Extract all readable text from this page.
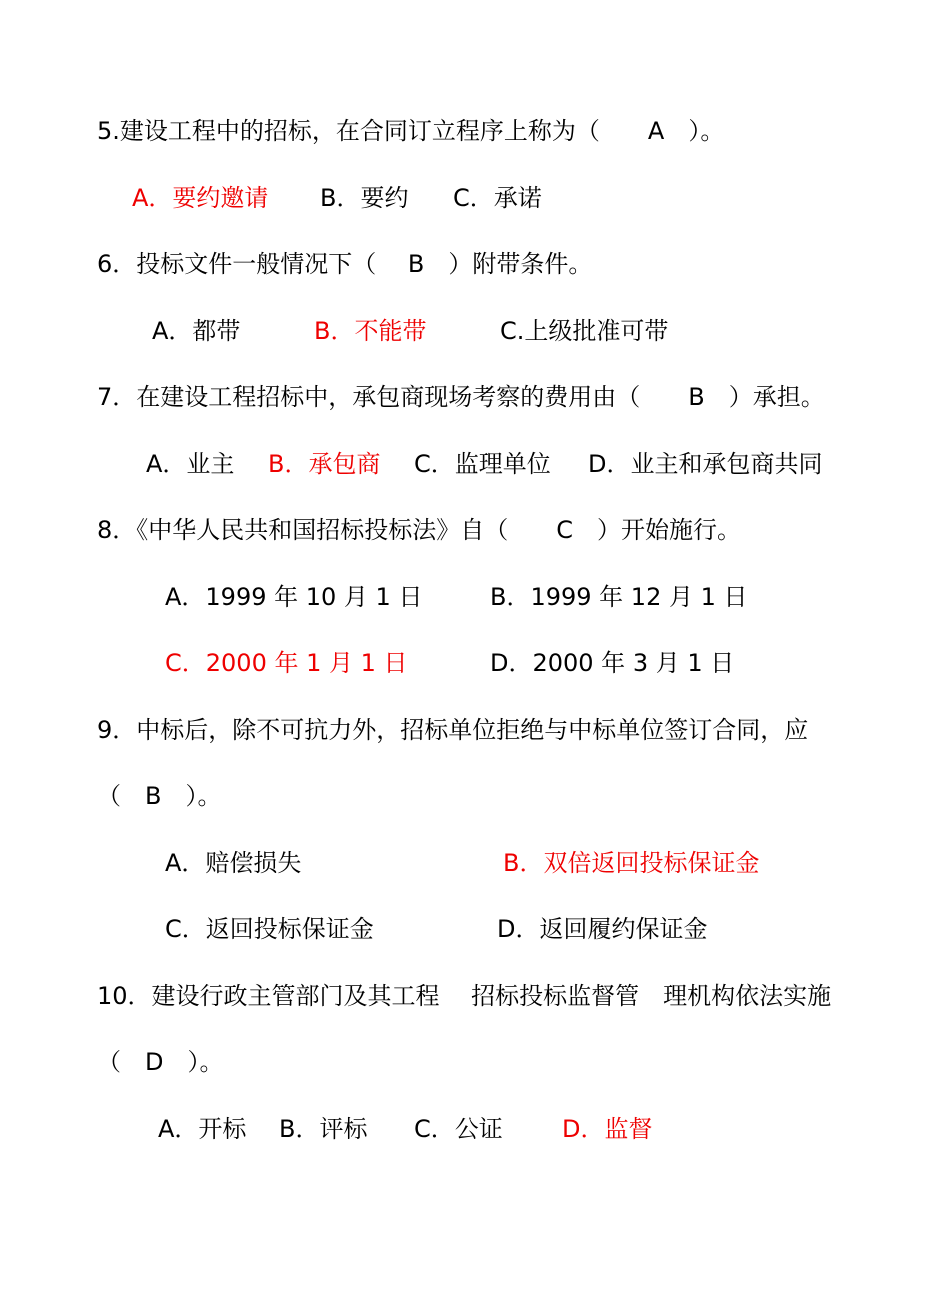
5.建设工程中的招标，在合同订立程序上称为（　　A　）。
A．要约邀请 B．要约 C．承诺
6．投标文件一般情况下（　 B　）附带条件。
A．都带	B．不能带	C.上级批准可带
7．在建设工程招标中，承包商现场考察的费用由（　　B　）承担。
A．业主 B．承包商 C．监理单位 D．业主和承包商共同
8．《中华人民共和国招标投标法》自（　　C　）开始施行。
A．1999 年 10 月 1 日	B．1999 年 12 月 1 日
C．2000 年 1 月 1 日	D．2000 年 3 月 1 日
9．中标后，除不可抗力外，招标单位拒绝与中标单位签订合同，应
（　B　）。
A．赔偿损失	B．双倍返回投标保证金
C．返回投标保证金	D．返回履约保证金
10．建设行政主管部门及其工程　 招标投标监督管　理机构依法实施
（　D　）。
A．开标 B．评标 C．公证 D．监督
